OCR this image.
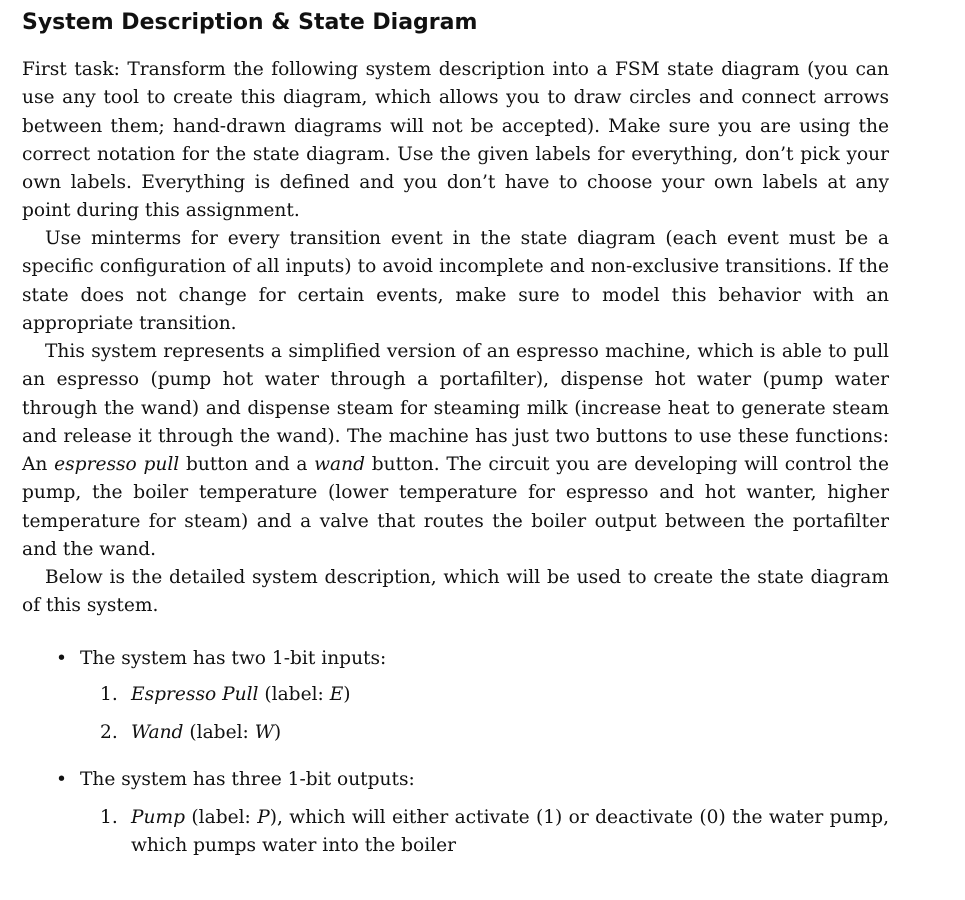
System Description & State Diagram

First task: Transform the following system description into a FSM state diagram (you can use any tool to create this diagram, which allows you to draw circles and connect arrows between them; hand-drawn diagrams will not be accepted). Make sure you are using the correct notation for the state diagram. Use the given labels for everything, don’t pick your own labels. Everything is defined and you don’t have to choose your own labels at any point during this assignment.

Use minterms for every transition event in the state diagram (each event must be a specific configuration of all inputs) to avoid incomplete and non-exclusive transitions. If the state does not change for certain events, make sure to model this behavior with an appropriate transition.

This system represents a simplified version of an espresso machine, which is able to pull an espresso (pump hot water through a portafilter), dispense hot water (pump water through the wand) and dispense steam for steaming milk (increase heat to generate steam and release it through the wand). The machine has just two buttons to use these functions: An espresso pull button and a wand button. The circuit you are developing will control the pump, the boiler temperature (lower temperature for espresso and hot wanter, higher temperature for steam) and a valve that routes the boiler output between the portafilter and the wand.

Below is the detailed system description, which will be used to create the state diagram of this system.

• The system has two 1-bit inputs:
1. Espresso Pull (label: E)
2. Wand (label: W)
• The system has three 1-bit outputs:
1. Pump (label: P), which will either activate (1) or deactivate (0) the water pump, which pumps water into the boiler
